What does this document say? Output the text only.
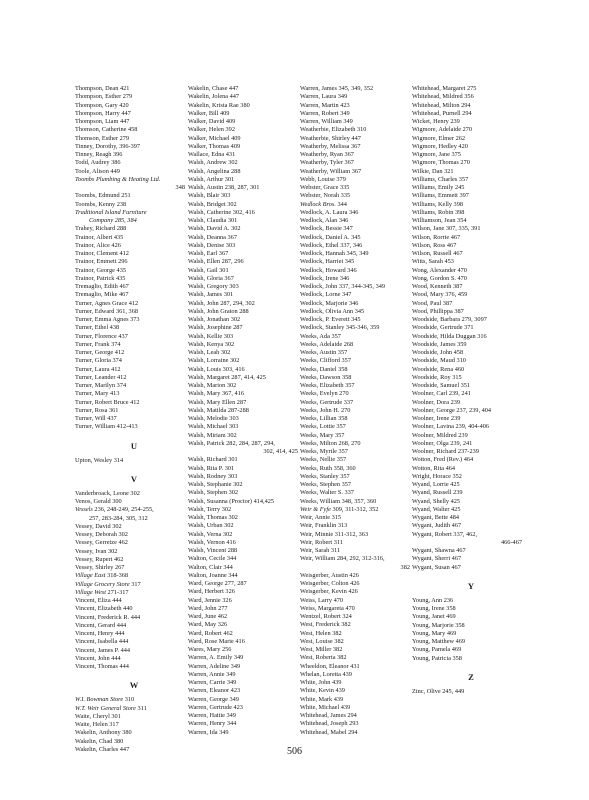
Thompson, Dean 421
Thompson, Esther 279
Thompson, Gary 420
Thompson, Harry 447
Thompson, Liam 447
Thomson, Catherine 458
Thomson, Esther 279
Tinney, Dorothy, 396-397
Tinney, Reagh 396
Todd, Audrey 386
Toole, Alison 449
Toombs Plumbing & Heating Ltd.
348
Toombs, Edmund 251
Toombs, Kenny 238
Traditional Island Furniture
Company 285, 384
Trahey, Richard 288
Trainor, Albert 435
Trainor, Alice 426
Trainor, Clement 412
Trainor, Emmett 296
Trainor, George 435
Trainor, Patrick 435
Tremaglio, Edith 467
Tremaglio, Mike 467
Turner, Agnes Grace 412
Turner, Edward 361, 368
Turner, Emma Agnes 373
Turner, Ethel 438
Turner, Florence 437
Turner, Frank 374
Turner, George 412
Turner, Gloria 374
Turner, Laura 412
Turner, Leander 412
Turner, Marilyn 374
Turner, Mary 413
Turner, Robert Bruce 412
Turner, Rosa 361
Turner, Will 437
Turner, William 412-413
U
Upton, Wesley 314
V
Vanderbroack, Leone 302
Venos, Gerald 300
Vessels 236, 248-249, 254-255,
257, 283-284, 305, 312
Vessey, David 302
Vessey, Deborah 302
Vessey, Gerretze 462
Vessey, Ivan 302
Vessey, Rupert 462
Vessey, Shirley 267
Village East 318-368
Village Grocery Store 317
Village West 271-317
Vincent, Eliza 444
Vincent, Elizabeth 440
Vincent, Frederick R. 444
Vincent, Gerard 444
Vincent, Henry 444
Vincent, Isabella 444
Vincent, James P. 444
Vincent, John 444
Vincent, Thomas 444
W
W.I. Bowman Store 310
W.T. Weir General Store 311
Waite, Cheryl 301
Waite, Helen 317
Wakelin, Anthony 380
Wakelin, Chad 380
Wakelin, Charles 447
Wakelin, Chase 447
Wakelin, Jolena 447
Wakelin, Krista Rae 380
Walker, Bill 409
Walker, David 409
Walker, Helen 392
Walker, Michael 409
Walker, Thomas 409
Wallace, Edna 431
Walsh, Andrew 302
Walsh, Angelina 288
Walsh, Arthur 301
Walsh, Austin 238, 287, 301
Walsh, Blair 303
Walsh, Bridget 302
Walsh, Catherine 302, 416
Walsh, Claudia 301
Walsh, David A. 302
Walsh, Deanna 367
Walsh, Denise 303
Walsh, Earl 367
Walsh, Ellen 287, 296
Walsh, Gail 301
Walsh, Gloria 367
Walsh, Gregory 303
Walsh, James 301
Walsh, John 287, 294, 302
Walsh, John Graton 288
Walsh, Jonathan 302
Walsh, Josephine 287
Walsh, Kellie 303
Walsh, Kenya 302
Walsh, Leah 302
Walsh, Lorraine 302
Walsh, Louis 303, 416
Walsh, Margaret 287, 414, 425
Walsh, Marion 302
Walsh, Mary 367, 416
Walsh, Mary Ellen 287
Walsh, Matilda 287-288
Walsh, Melodie 303
Walsh, Michael 303
Walsh, Miriam 302
Walsh, Patrick 282, 284, 287, 294,
302, 414, 425
Walsh, Richard 301
Walsh, Rita P. 301
Walsh, Rodney 303
Walsh, Stephanie 302
Walsh, Stephen 302
Walsh, Susanna (Proctor) 414,425
Walsh, Terry 302
Walsh, Thomas 302
Walsh, Urban 302
Walsh, Verna 302
Walsh, Vernon 416
Walsh, Vincent 288
Walton, Cecile 344
Walton, Clair 344
Walton, Joanne 344
Ward, George 277, 287
Ward, Herbert 326
Ward, Jennie 326
Ward, John 277
Ward, June 462
Ward, May 326
Ward, Robert 462
Ward, Rose Marie 416
Wares, Mary 256
Warren, A. Emily 349
Warren, Adeline 349
Warren, Annie 349
Warren, Carrie 349
Warren, Eleanor 423
Warren, George 349
Warren, Gertrude 423
Warren, Hattie 349
Warren, Henry 344
Warren, Ida 349
Warren, James 345, 349, 352
Warren, Laura 349
Warren, Martin 423
Warren, Robert 349
Warren, William 349
Weatherbie, Elizabeth 310
Weatherbie, Shirley 447
Weatherby, Melissa 367
Weatherby, Ryan 367
Weatherby, Tyler 367
Weatherby, William 367
Webb, Louise 379
Webster, Grace 335
Webster, Norah 335
Wedlock Bros. 344
Wedlock, A. Laura 346
Wedlock, Alan 346
Wedlock, Bessie 347
Wedlock, Daniel A. 345
Wedlock, Ethel 337, 346
Wedlock, Hannah 345, 349
Wedlock, Harriet 345
Wedlock, Howard 346
Wedlock, Irene 346
Wedlock, John 337, 344-345, 349
Wedlock, Lorne 347
Wedlock, Marjorie 346
Wedlock, Olivia Ann 345
Wedlock, P. Everett 345
Wedlock, Stanley 345-346, 359
Weeks, Ada 357
Weeks, Adelaide 268
Weeks, Austin 357
Weeks, Clifford 357
Weeks, Daniel 358
Weeks, Dawson 358
Weeks, Elizabeth 357
Weeks, Evelyn 270
Weeks, Gertrude 337
Weeks, John H. 270
Weeks, Lillian 358
Weeks, Lottie 357
Weeks, Mary 357
Weeks, Milton 268, 270
Weeks, Myrtle 357
Weeks, Nellie 357
Weeks, Ruth 358, 360
Weeks, Stanley 357
Weeks, Stephen 357
Weeks, Walter S. 337
Weeks, William 348, 357, 360
Weir & Fyfe 309, 311-312, 352
Weir, Annie 315
Weir, Franklin 313
Weir, Minnie 311-312, 363
Weir, Robert 311
Weir, Sarah 311
Weir, William 284, 292, 312-316,
382
Weisgerber, Austin 426
Weisgerber, Colton 426
Weisgerber, Kevin 426
Weiss, Larry 470
Weiss, Margareta 470
Wentzel, Robert 324
West, Frederick 382
West, Helen 382
West, Louise 382
West, Miller 382
West, Roberta 382
Wheeldon, Eleanor 431
Whelan, Loretta 439
White, John 439
White, Kevin 439
White, Mark 439
White, Michael 439
Whitehead, James 294
Whitehead, Joseph 293
Whitehead, Mabel 294
Whitehead, Margaret 275
Whitehead, Mildred 356
Whitehead, Milton 294
Whitehead, Purnell 294
Wicket, Henry 239
Wigmore, Adelaide 270
Wigmore, Elmer 262
Wigmore, Hedley 420
Wigmore, Jane 375
Wigmore, Thomas 270
Wilkie, Dan 321
Williams, Charles 357
Williams, Emily 245
Williams, Emmett 397
Williams, Kelly 398
Williams, Robin 398
Williamson, Jean 354
Wilson, Jane 307, 335, 391
Wilson, Rorrie 467
Wilson, Ross 467
Wilson, Russell 467
Witts, Sarah 453
Wong, Alexander 470
Wong, Gordon S. 470
Wood, Kenneth 387
Wood, Mary 376, 459
Wood, Paul 387
Wood, Phillippa 387
Woodside, Barbara 279, 3097
Woodside, Gertrude 371
Woodside, Hilda Duggan 316
Woodside, James 359
Woodside, John 458
Woodside, Maud 310
Woodside, Rena 460
Woodside, Roy 315
Woodside, Samuel 351
Woolner, Carl 239, 241
Woolner, Dora 239
Woolner, George 237, 239, 404
Woolner, Irene 239
Woolner, Lavina 239, 404-406
Woolner, Mildred 239
Woolner, Olga 239, 241
Woolner, Richard 237-239
Wotton, Fred (Rev.) 464
Wotton, Rita 464
Wright, Horace 352
Wyand, Lorrie 425
Wyand, Russell 239
Wyand, Shelly 425
Wyand, Walter 425
Wygant, Bette 484
Wygant, Judith 467
Wygant, Robert 337, 462,
466-467
Wygant, Shawna 467
Wygant, Sherri 467
Wygant, Susan 467
Y
Young, Ann 236
Young, Irene 358
Young, Janet 469
Young, Marjorie 358
Young, Mary 469
Young, Matthew 469
Young, Pamela 469
Young, Patricia 358
Z
Zinc, Olive 245, 449
506
